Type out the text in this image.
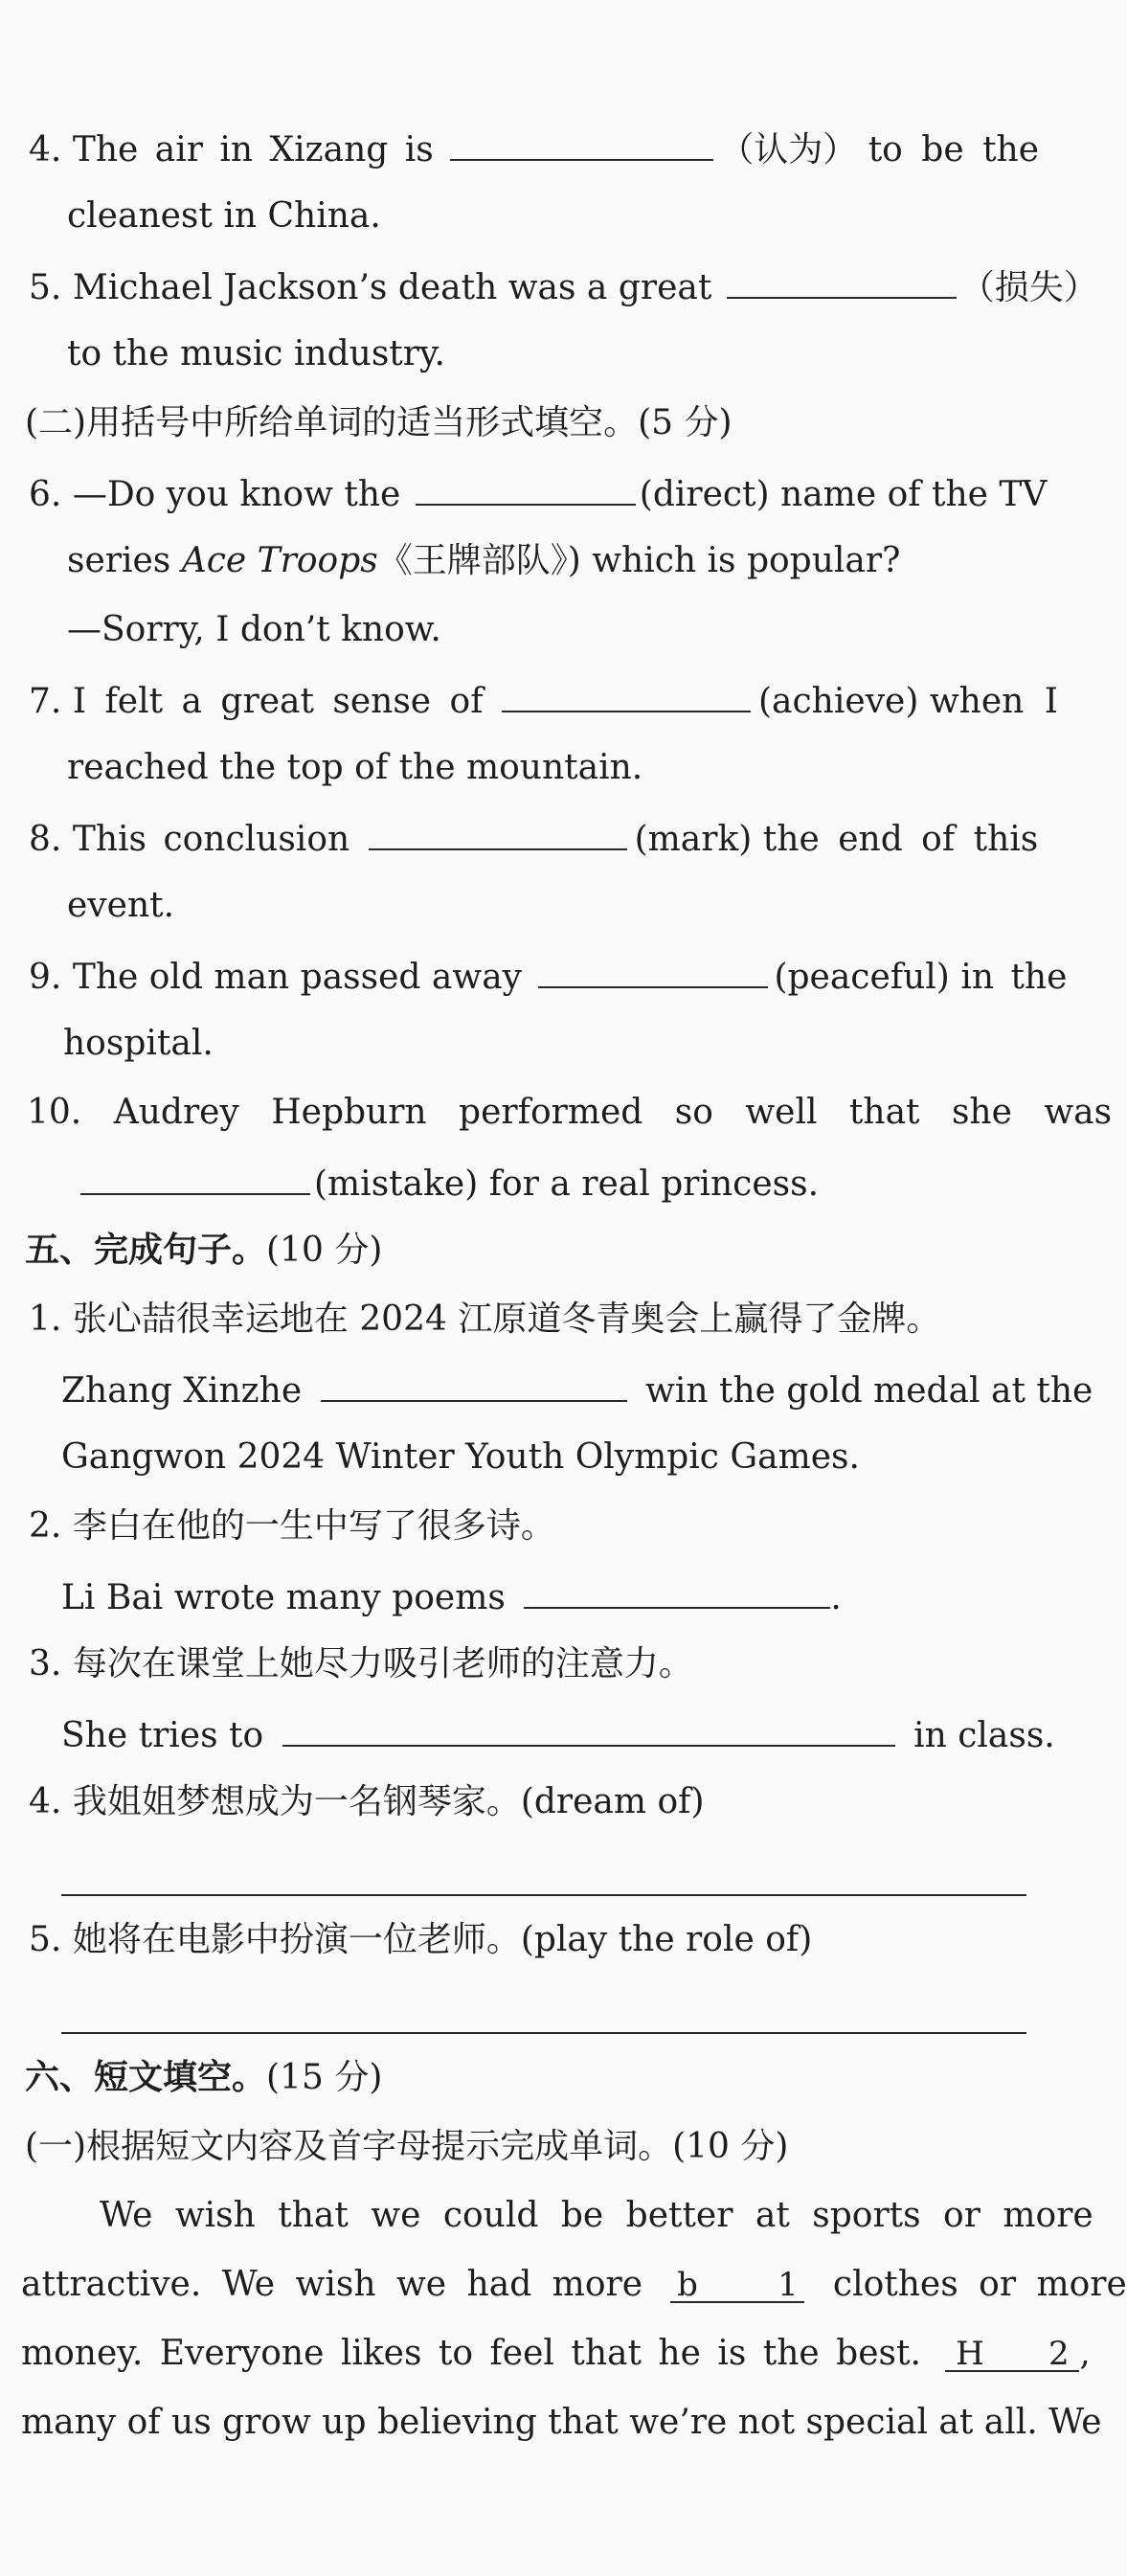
4. The air in Xizang is	（认为） to be the
cleanest in China.
5. Michael Jackson’s death was a great	（损失）
to the music industry.
(二)用括号中所给单词的适当形式填空。(5 分)
6. —Do you know the	(direct) name of the TV
series Ace Troops《王牌部队》) which is popular?
—Sorry, I don’t know.
7. I felt a great sense of	(achieve) when I
reached the top of the mountain.
8. This conclusion	(mark) the end of this
event.
9. The old man passed away	(peaceful) in the
hospital.
10. Audrey Hepburn performed so well that she was
(mistake) for a real princess.
五、完成句子。(10 分)
1. 张心喆很幸运地在 2024 江原道冬青奥会上赢得了金牌。
Zhang Xinzhe	win the gold medal at the
Gangwon 2024 Winter Youth Olympic Games.
2. 李白在他的一生中写了很多诗。
Li Bai wrote many poems	.
3. 每次在课堂上她尽力吸引老师的注意力。
She tries to	in class.
4. 我姐姐梦想成为一名钢琴家。(dream of)
5. 她将在电影中扮演一位老师。(play the role of)
六、短文填空。(15 分)
(一)根据短文内容及首字母提示完成单词。(10 分)
We wish that we could be better at sports or more
attractive. We wish we had more b    1 clothes or more
money. Everyone likes to feel that he is the best. H    2 ,
many of us grow up believing that we’re not special at all. We
